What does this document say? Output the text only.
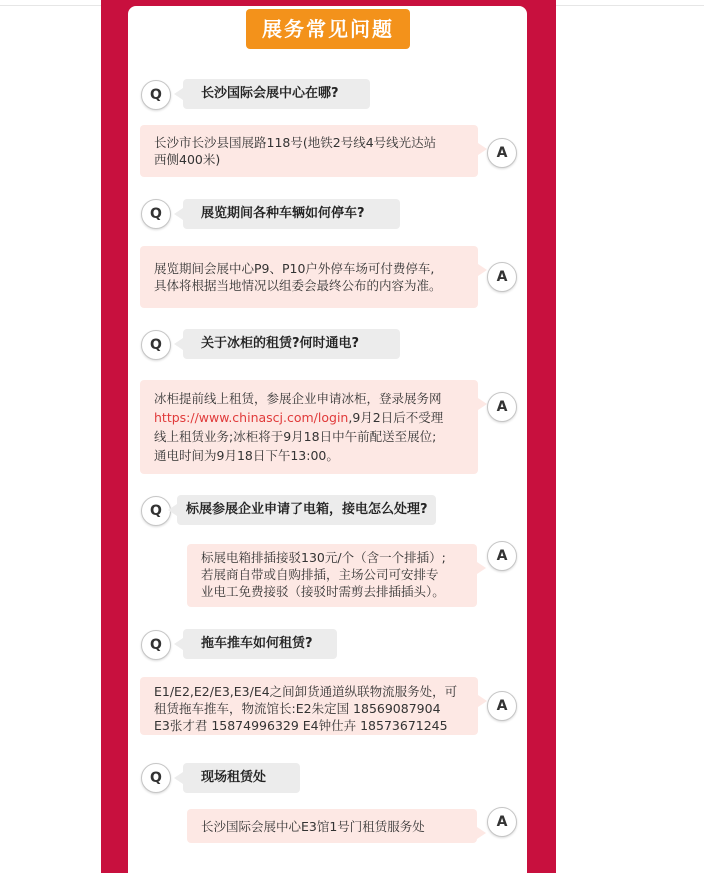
展务常见问题
Q	长沙国际会展中心在哪?
长沙市长沙县国展路118号(地铁2号线4号线光达站
西侧400米)	A
Q	展览期间各种车辆如何停车?
展览期间会展中心P9、P10户外停车场可付费停车,
具体将根据当地情况以组委会最终公布的内容为准。
A
Q	关于冰柜的租赁?何时通电?
冰柜提前线上租赁，参展企业申请冰柜，登录展务网
https://www.chinascj.com/login,9月2日后不受理
线上租赁业务;冰柜将于9月18日中午前配送至展位;
通电时间为9月18日下午13:00。
A
Q	标展参展企业申请了电箱，接电怎么处理?
标展电箱排插接驳130元/个（含一个排插）;
若展商自带或自购排插，主场公司可安排专
业电工免费接驳（接驳时需剪去排插插头）。
A
Q	拖车推车如何租赁?
E1/E2,E2/E3,E3/E4之间卸货通道纵联物流服务处，可
租赁拖车推车，物流馆长:E2朱定国 18569087904
E3张才君 15874996329 E4钟仕卉 18573671245
A
Q	现场租赁处
长沙国际会展中心E3馆1号门租赁服务处	A
